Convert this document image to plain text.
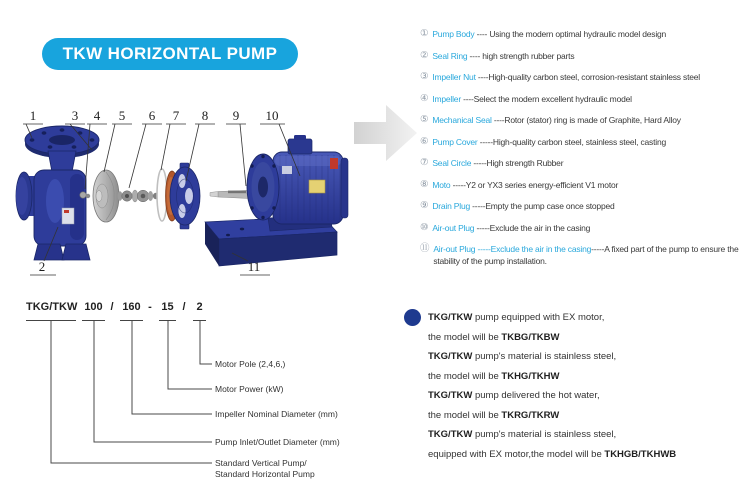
TKW HORIZONTAL PUMP
1	3 4 5 6 7 8 9 10
2	11
① Pump Body ---- Using the modern optimal hydraulic model design
② Seal Ring ---- high strength rubber parts
③ Impeller Nut ----High-quality carbon steel, corrosion-resistant stainless steel
④ Impeller ----Select the modern excellent hydraulic model
⑤ Mechanical Seal ----Rotor (stator) ring is made of Graphite, Hard Alloy
⑥ Pump Cover -----High-quality carbon steel, stainless steel, casting
⑦ Seal Circle -----High strength Rubber
⑧ Moto -----Y2 or YX3 series energy-efficient V1 motor
⑨ Drain Plug -----Empty the pump case once stopped
⑩ Air-out Plug -----Exclude the air in the casing
⑪ Air-out Plug -----Exclude the air in the casing-----A fixed part of the pump to ensure the stability of the pump installation.
TKG/TKW 100 / 160 - 15 / 2
Motor Pole (2,4,6,)
Motor Power (kW)
Impeller Nominal Diameter (mm)
Pump Inlet/Outlet Diameter (mm)
Standard Vertical Pump/
Standard Horizontal Pump
TKG/TKW pump equipped with EX motor,
the model will be TKBG/TKBW
TKG/TKW pump's material is stainless steel,
the model will be TKHG/TKHW
TKG/TKW pump delivered the hot water,
the model will be TKRG/TKRW
TKG/TKW pump's material is stainless steel,
equipped with EX motor,the model will be TKHGB/TKHWB
